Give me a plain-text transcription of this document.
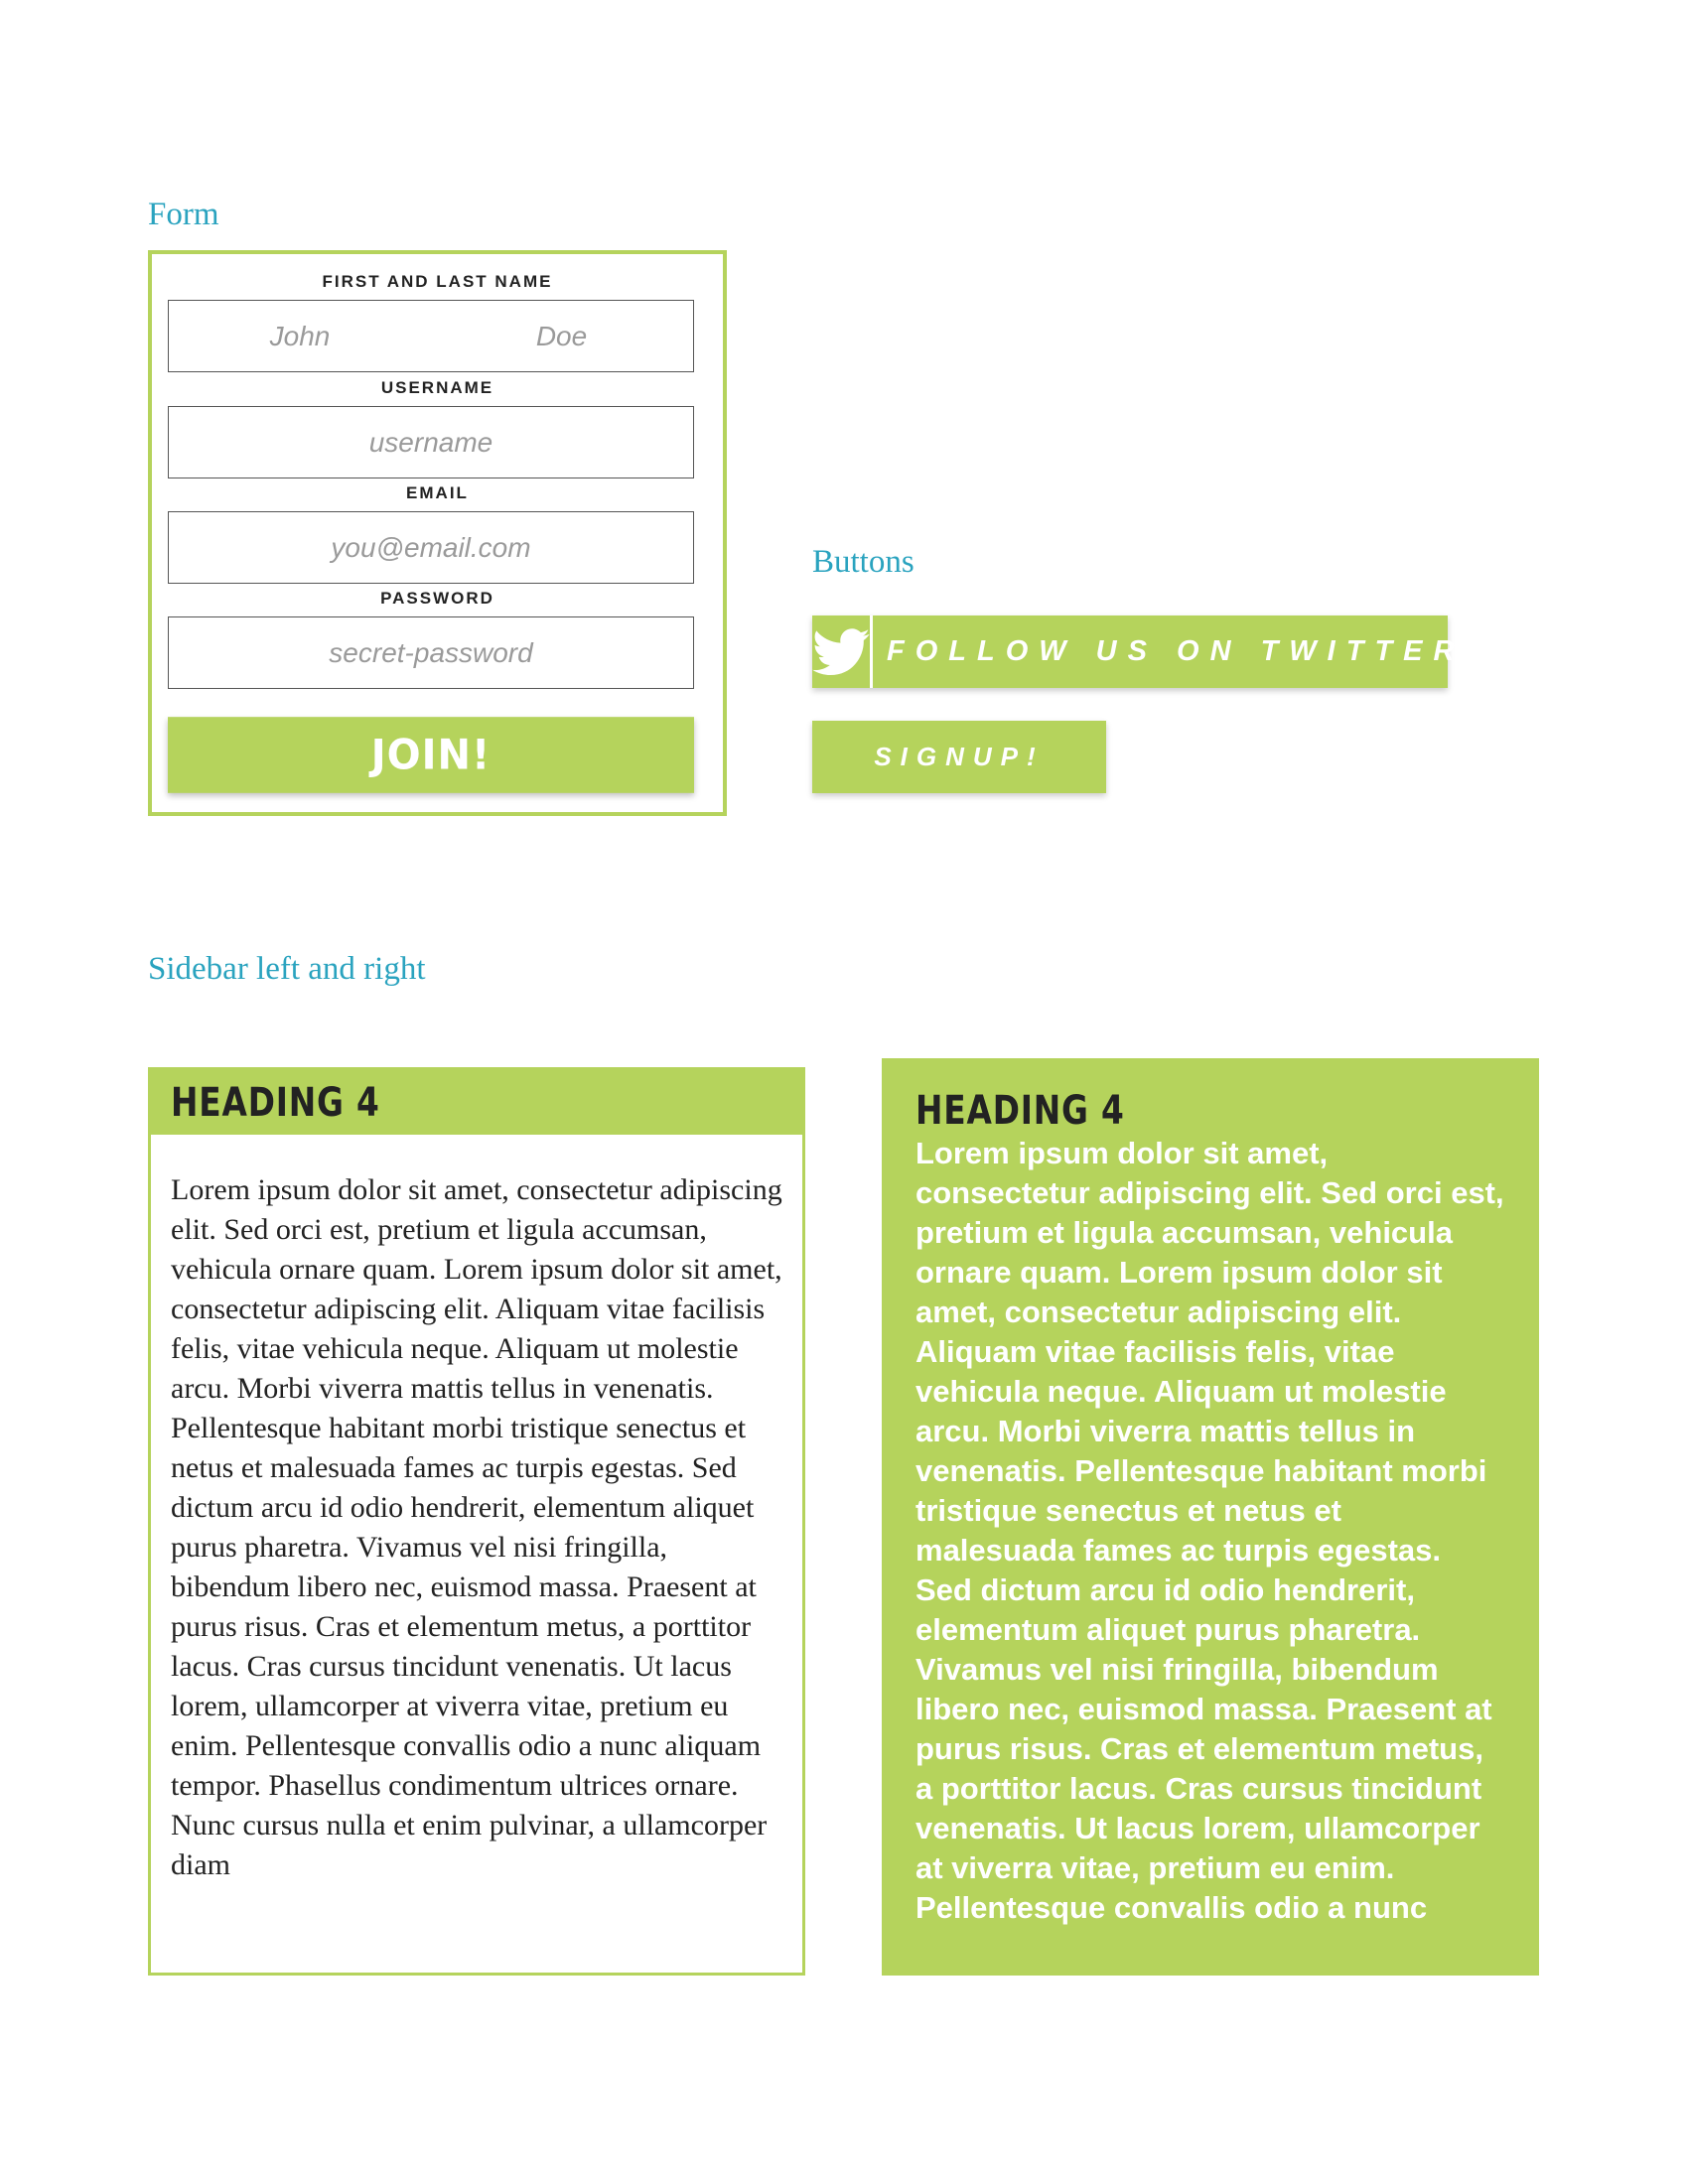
Form
FIRST AND LAST NAME
John	Doe
USERNAME
username
EMAIL
you@email.com
PASSWORD
secret-password
JOIN!
Buttons
FOLLOW US ON TWITTER>
SIGNUP!
Sidebar left and right
HEADING 4
Lorem ipsum dolor sit amet, consectetur adipiscing elit. Sed orci est, pretium et ligula accumsan, vehicula ornare quam. Lorem ipsum dolor sit amet, consectetur adipiscing elit. Aliquam vitae facilisis felis, vitae vehicula neque. Aliquam ut molestie arcu. Morbi viverra mattis tellus in venenatis. Pellentesque habitant morbi tristique senectus et netus et malesuada fames ac turpis egestas. Sed dictum arcu id odio hendrerit, elementum aliquet purus pharetra. Vivamus vel nisi fringilla, bibendum libero nec, euismod massa. Praesent at purus risus. Cras et elementum metus, a porttitor lacus. Cras cursus tincidunt venenatis. Ut lacus lorem, ullamcorper at viverra vitae, pretium eu enim. Pellentesque convallis odio a nunc aliquam tempor. Phasellus condimentum ultrices ornare. Nunc cursus nulla et enim pulvinar, a ullamcorper diam
HEADING 4
Lorem ipsum dolor sit amet, consectetur adipiscing elit. Sed orci est, pretium et ligula accumsan, vehicula ornare quam. Lorem ipsum dolor sit amet, consectetur adipiscing elit. Aliquam vitae facilisis felis, vitae vehicula neque. Aliquam ut molestie arcu. Morbi viverra mattis tellus in venenatis. Pellentesque habitant morbi tristique senectus et netus et malesuada fames ac turpis egestas. Sed dictum arcu id odio hendrerit, elementum aliquet purus pharetra. Vivamus vel nisi fringilla, bibendum libero nec, euismod massa. Praesent at purus risus. Cras et elementum metus, a porttitor lacus. Cras cursus tincidunt venenatis. Ut lacus lorem, ullamcorper at viverra vitae, pretium eu enim. Pellentesque convallis odio a nunc
